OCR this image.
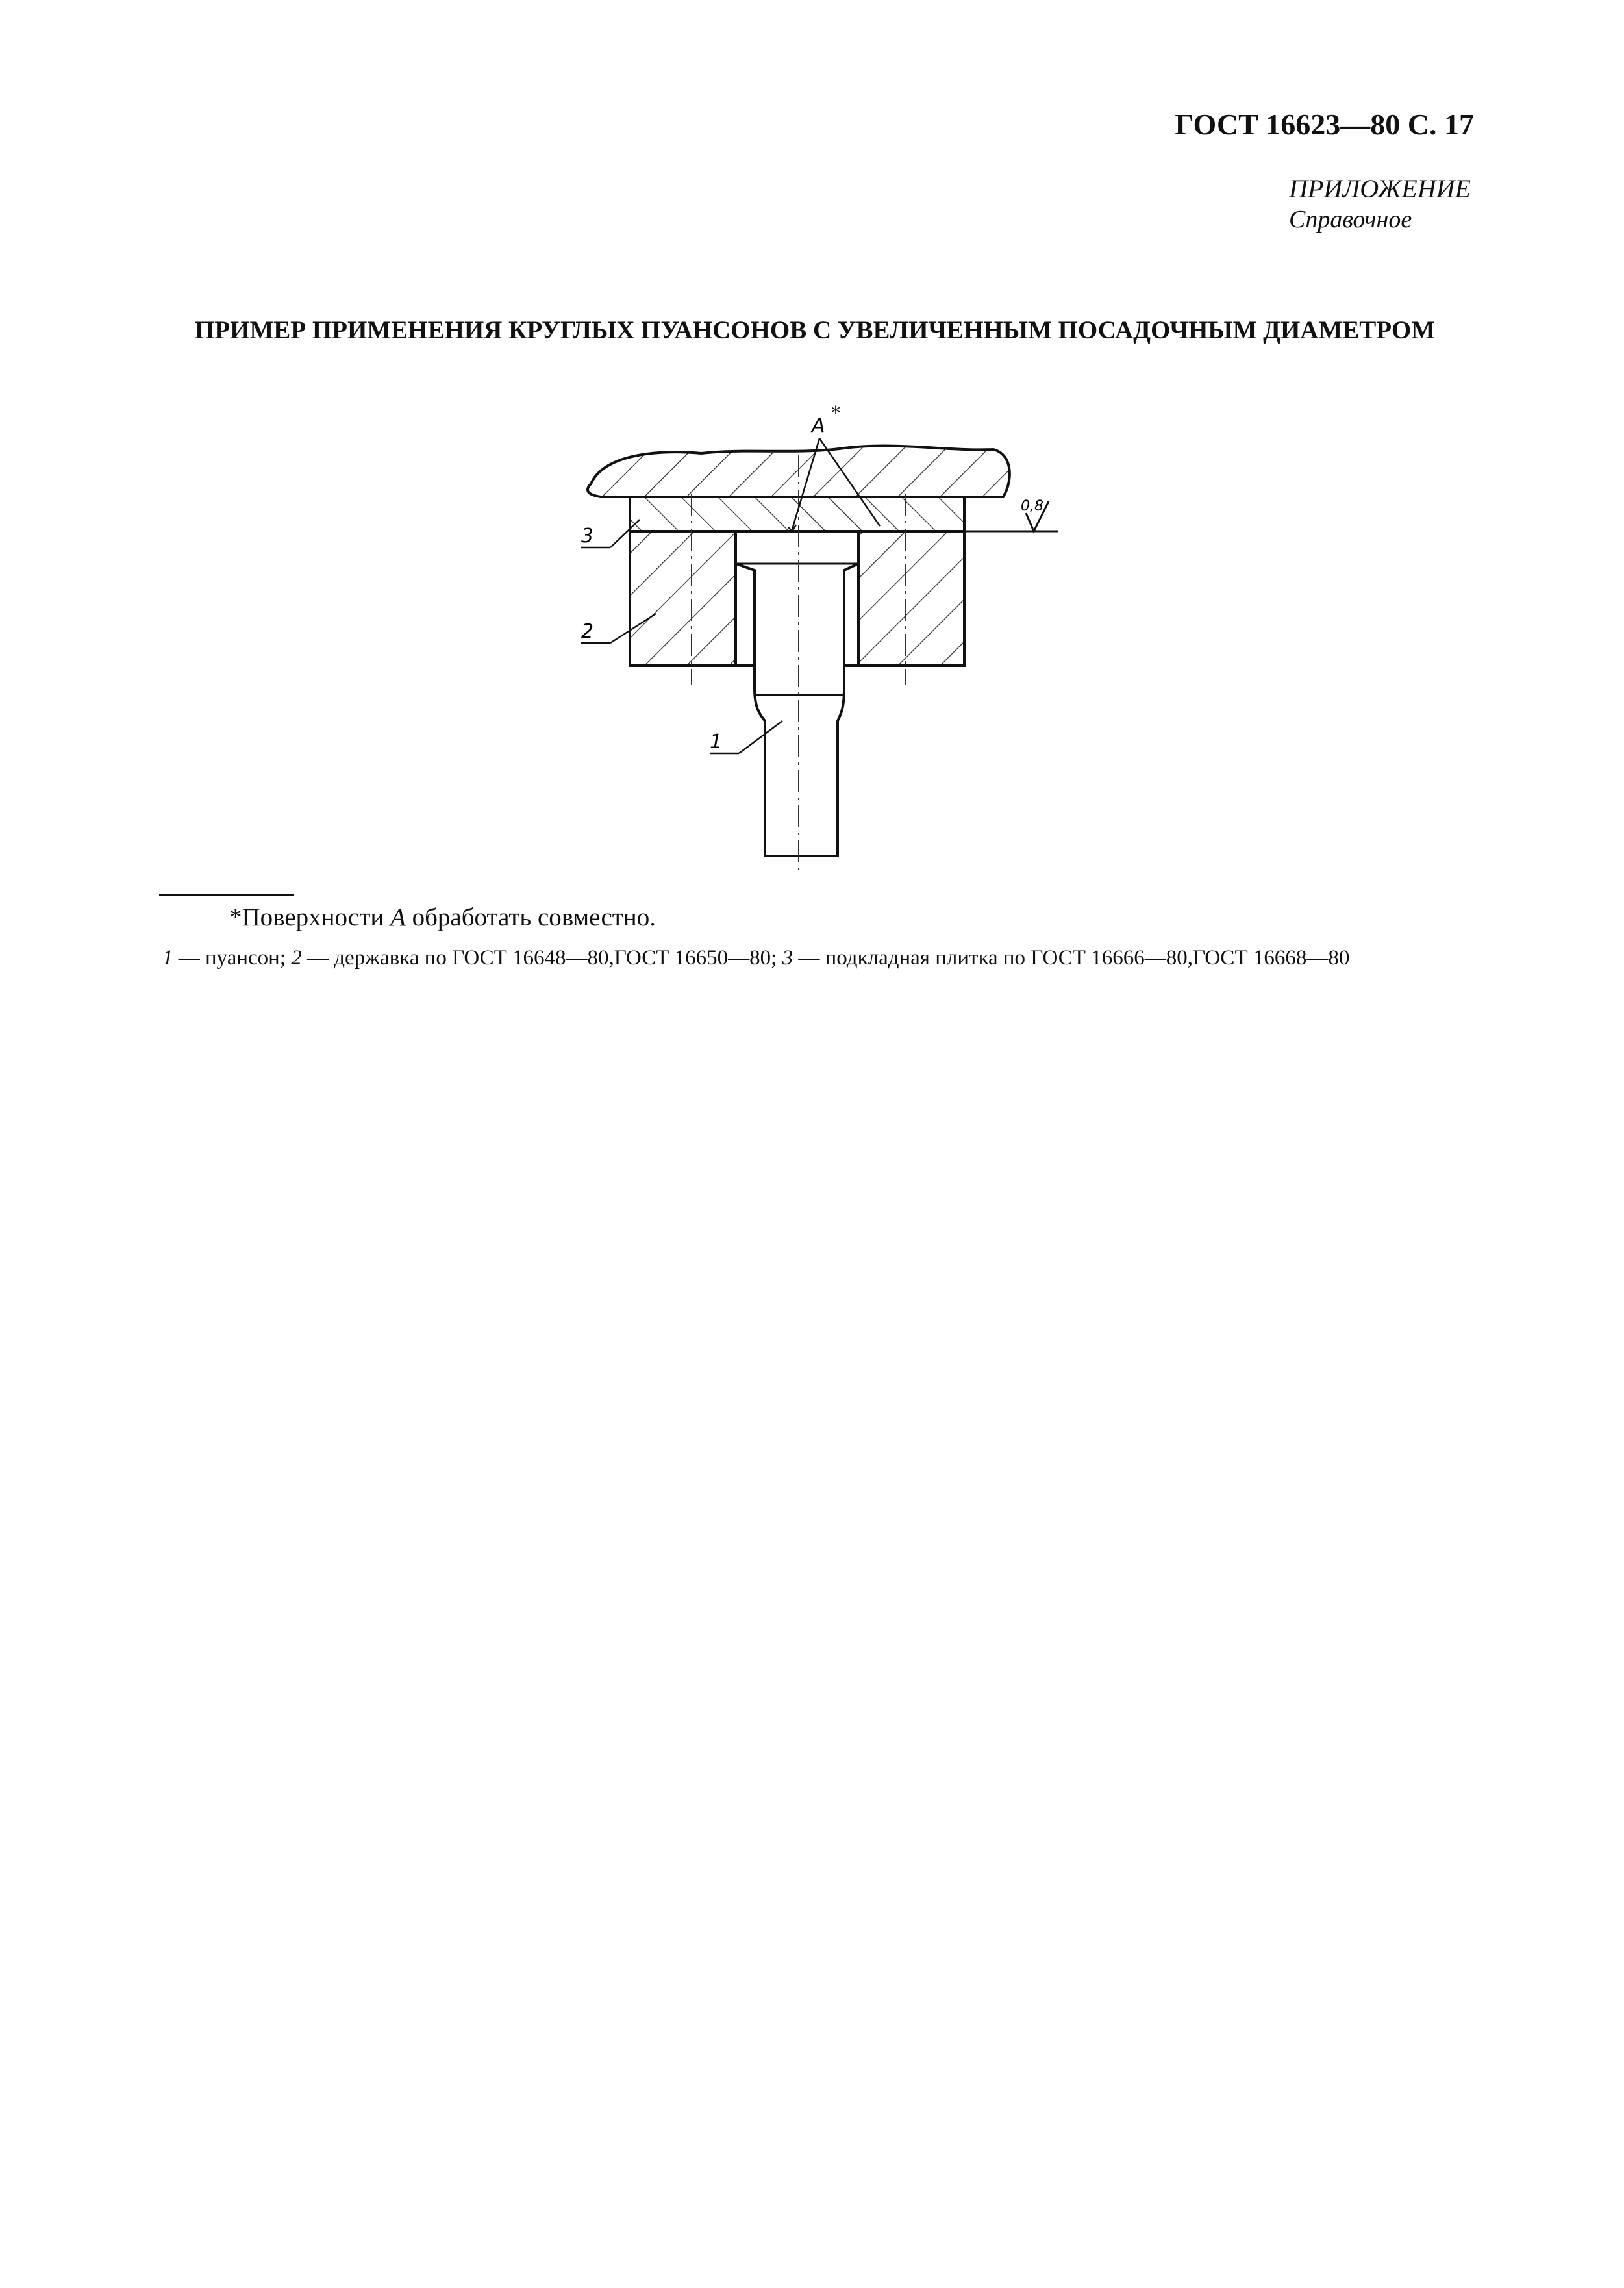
ГОСТ 16623—80 С. 17
ПРИЛОЖЕНИЕ
Справочное
ПРИМЕР ПРИМЕНЕНИЯ КРУГЛЫХ ПУАНСОНОВ С УВЕЛИЧЕННЫМ ПОСАДОЧНЫМ ДИАМЕТРОМ
0,8
A
*
3
2
1
*Поверхности А обработать совместно.
1 — пуансон; 2 — державка по ГОСТ 16648—80,ГОСТ 16650—80; 3 — подкладная плитка по ГОСТ 16666—80,ГОСТ 16668—80
